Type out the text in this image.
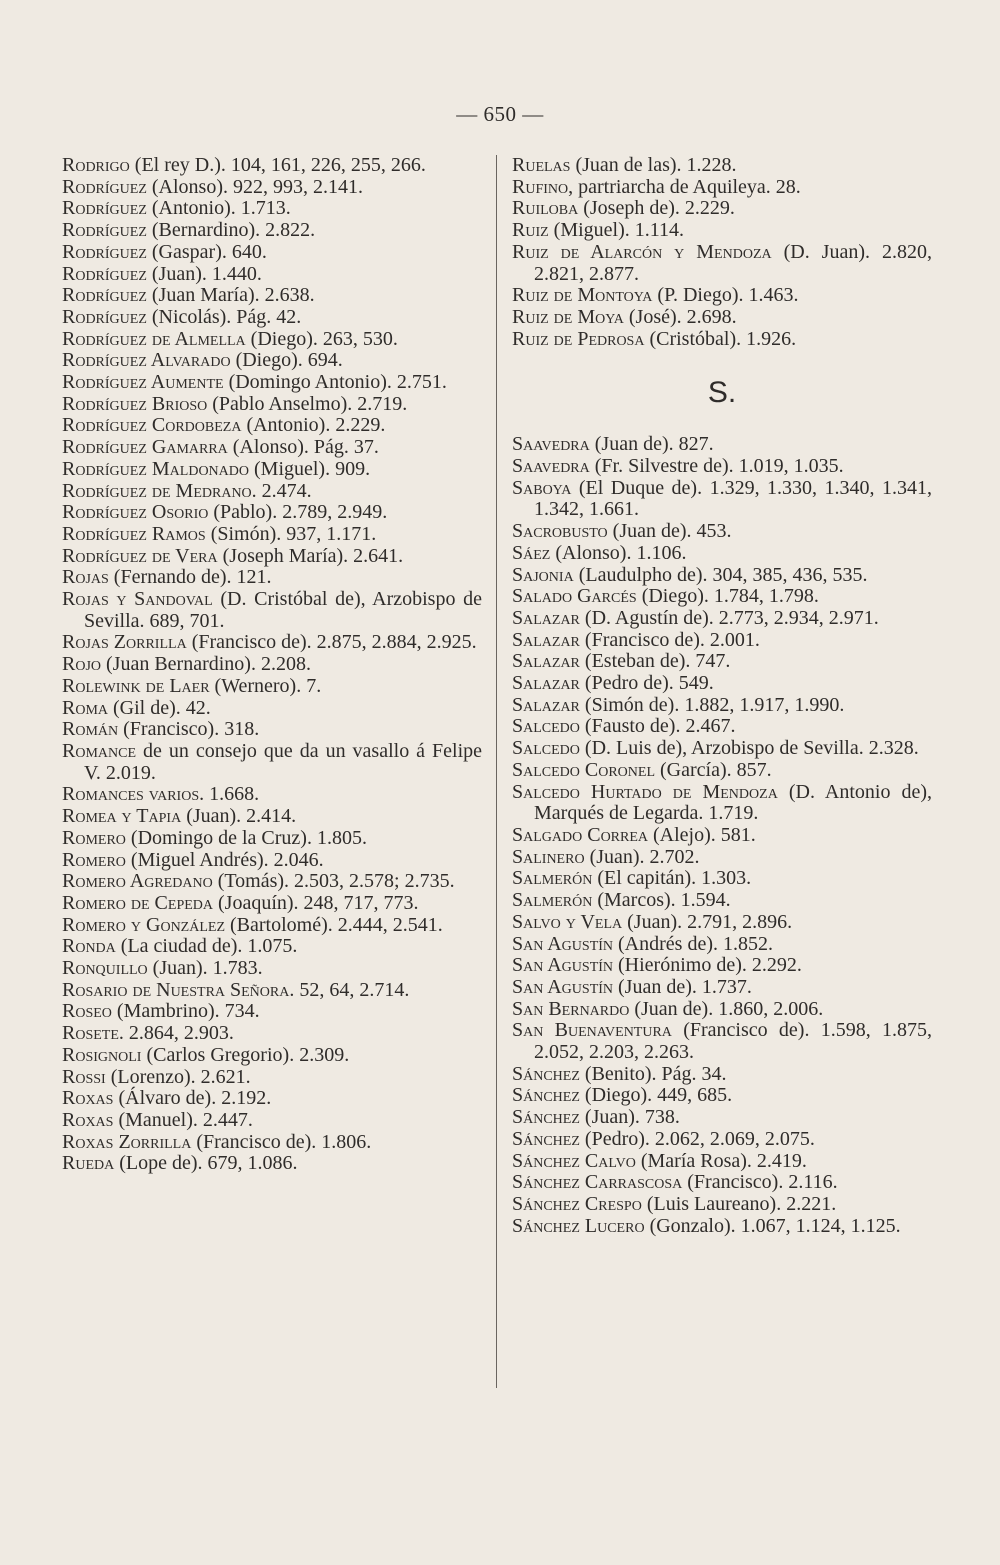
— 650 —
Rodrigo (El rey D.). 104, 161, 226, 255, 266.
Rodríguez (Alonso). 922, 993, 2.141.
Rodríguez (Antonio). 1.713.
Rodríguez (Bernardino). 2.822.
Rodríguez (Gaspar). 640.
Rodríguez (Juan). 1.440.
Rodríguez (Juan María). 2.638.
Rodríguez (Nicolás). Pág. 42.
Rodríguez de Almella (Diego). 263, 530.
Rodríguez Alvarado (Diego). 694.
Rodríguez Aumente (Domingo Antonio). 2.751.
Rodríguez Brioso (Pablo Anselmo). 2.719.
Rodríguez Cordobeza (Antonio). 2.229.
Rodríguez Gamarra (Alonso). Pág. 37.
Rodríguez Maldonado (Miguel). 909.
Rodríguez de Medrano. 2.474.
Rodríguez Osorio (Pablo). 2.789, 2.949.
Rodríguez Ramos (Simón). 937, 1.171.
Rodríguez de Vera (Joseph María). 2.641.
Rojas (Fernando de). 121.
Rojas y Sandoval (D. Cristóbal de), Arzobispo de Sevilla. 689, 701.
Rojas Zorrilla (Francisco de). 2.875, 2.884, 2.925.
Rojo (Juan Bernardino). 2.208.
Rolewink de Laer (Wernero). 7.
Roma (Gil de). 42.
Román (Francisco). 318.
Romance de un consejo que da un vasallo á Felipe V. 2.019.
Romances varios. 1.668.
Romea y Tapia (Juan). 2.414.
Romero (Domingo de la Cruz). 1.805.
Romero (Miguel Andrés). 2.046.
Romero Agredano (Tomás). 2.503, 2.578; 2.735.
Romero de Cepeda (Joaquín). 248, 717, 773.
Romero y González (Bartolomé). 2.444, 2.541.
Ronda (La ciudad de). 1.075.
Ronquillo (Juan). 1.783.
Rosario de Nuestra Señora. 52, 64, 2.714.
Roseo (Mambrino). 734.
Rosete. 2.864, 2.903.
Rosignoli (Carlos Gregorio). 2.309.
Rossi (Lorenzo). 2.621.
Roxas (Álvaro de). 2.192.
Roxas (Manuel). 2.447.
Roxas Zorrilla (Francisco de). 1.806.
Rueda (Lope de). 679, 1.086.
Ruelas (Juan de las). 1.228.
Rufino, partriarcha de Aquileya. 28.
Ruiloba (Joseph de). 2.229.
Ruiz (Miguel). 1.114.
Ruiz de Alarcón y Mendoza (D. Juan). 2.820, 2.821, 2.877.
Ruiz de Montoya (P. Diego). 1.463.
Ruiz de Moya (José). 2.698.
Ruiz de Pedrosa (Cristóbal). 1.926.
S.
Saavedra (Juan de). 827.
Saavedra (Fr. Silvestre de). 1.019, 1.035.
Saboya (El Duque de). 1.329, 1.330, 1.340, 1.341, 1.342, 1.661.
Sacrobusto (Juan de). 453.
Sáez (Alonso). 1.106.
Sajonia (Laudulpho de). 304, 385, 436, 535.
Salado Garcés (Diego). 1.784, 1.798.
Salazar (D. Agustín de). 2.773, 2.934, 2.971.
Salazar (Francisco de). 2.001.
Salazar (Esteban de). 747.
Salazar (Pedro de). 549.
Salazar (Simón de). 1.882, 1.917, 1.990.
Salcedo (Fausto de). 2.467.
Salcedo (D. Luis de), Arzobispo de Sevilla. 2.328.
Salcedo Coronel (García). 857.
Salcedo Hurtado de Mendoza (D. Antonio de), Marqués de Legarda. 1.719.
Salgado Correa (Alejo). 581.
Salinero (Juan). 2.702.
Salmerón (El capitán). 1.303.
Salmerón (Marcos). 1.594.
Salvo y Vela (Juan). 2.791, 2.896.
San Agustín (Andrés de). 1.852.
San Agustín (Hierónimo de). 2.292.
San Agustín (Juan de). 1.737.
San Bernardo (Juan de). 1.860, 2.006.
San Buenaventura (Francisco de). 1.598, 1.875, 2.052, 2.203, 2.263.
Sánchez (Benito). Pág. 34.
Sánchez (Diego). 449, 685.
Sánchez (Juan). 738.
Sánchez (Pedro). 2.062, 2.069, 2.075.
Sánchez Calvo (María Rosa). 2.419.
Sánchez Carrascosa (Francisco). 2.116.
Sánchez Crespo (Luis Laureano). 2.221.
Sánchez Lucero (Gonzalo). 1.067, 1.124, 1.125.
